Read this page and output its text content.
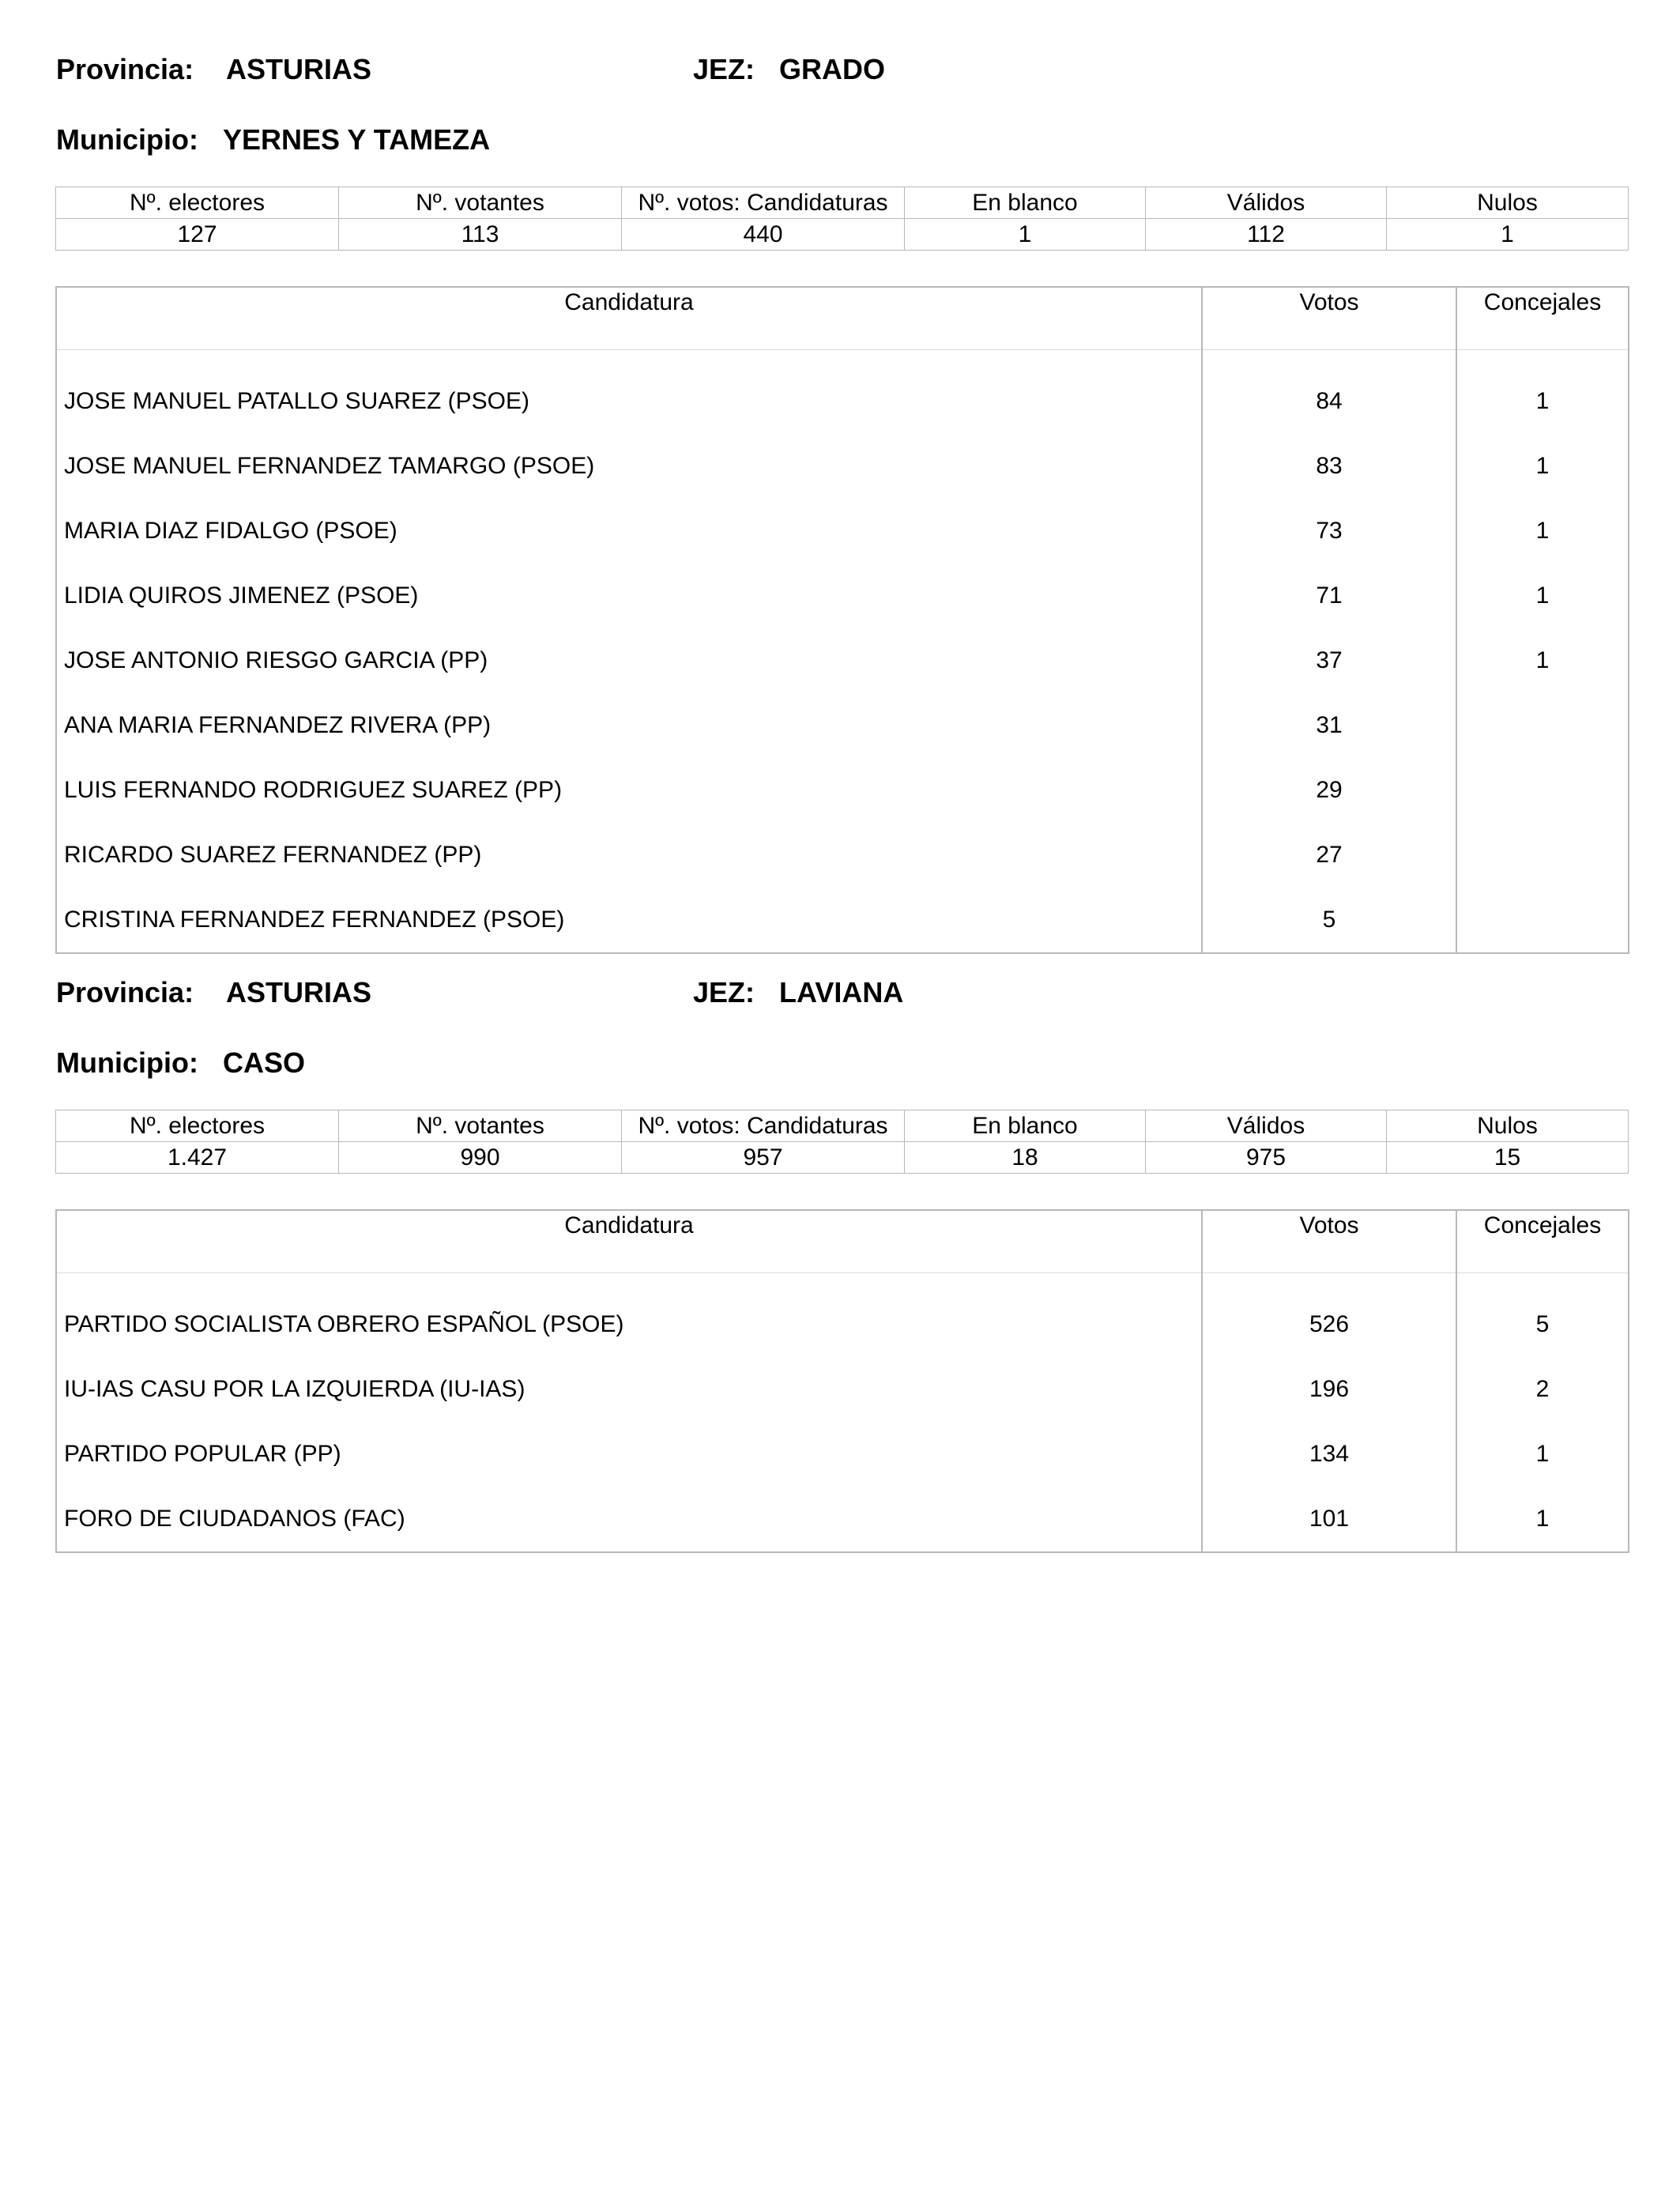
Provincia: ASTURIAS	JEZ: GRADO
Municipio: YERNES Y TAMEZA
Nº. electores	Nº. votantes	Nº. votos: Candidaturas	En blanco	Válidos	Nulos
127	113	440	1	112	1
Candidatura	Votos	Concejales

JOSE MANUEL PATALLO SUAREZ (PSOE)	84	1
JOSE MANUEL FERNANDEZ TAMARGO (PSOE)	83	1
MARIA DIAZ FIDALGO (PSOE)	73	1
LIDIA QUIROS JIMENEZ (PSOE)	71	1
JOSE ANTONIO RIESGO GARCIA (PP)	37	1
ANA MARIA FERNANDEZ RIVERA (PP)	31	
LUIS FERNANDO RODRIGUEZ SUAREZ (PP)	29	
RICARDO SUAREZ FERNANDEZ (PP)	27	
CRISTINA FERNANDEZ FERNANDEZ (PSOE)	5	
Provincia: ASTURIAS	JEZ: LAVIANA
Municipio: CASO
Nº. electores	Nº. votantes	Nº. votos: Candidaturas	En blanco	Válidos	Nulos
1.427	990	957	18	975	15
Candidatura	Votos	Concejales

PARTIDO SOCIALISTA OBRERO ESPAÑOL (PSOE)	526	5
IU-IAS CASU POR LA IZQUIERDA (IU-IAS)	196	2
PARTIDO POPULAR (PP)	134	1
FORO DE CIUDADANOS (FAC)	101	1
